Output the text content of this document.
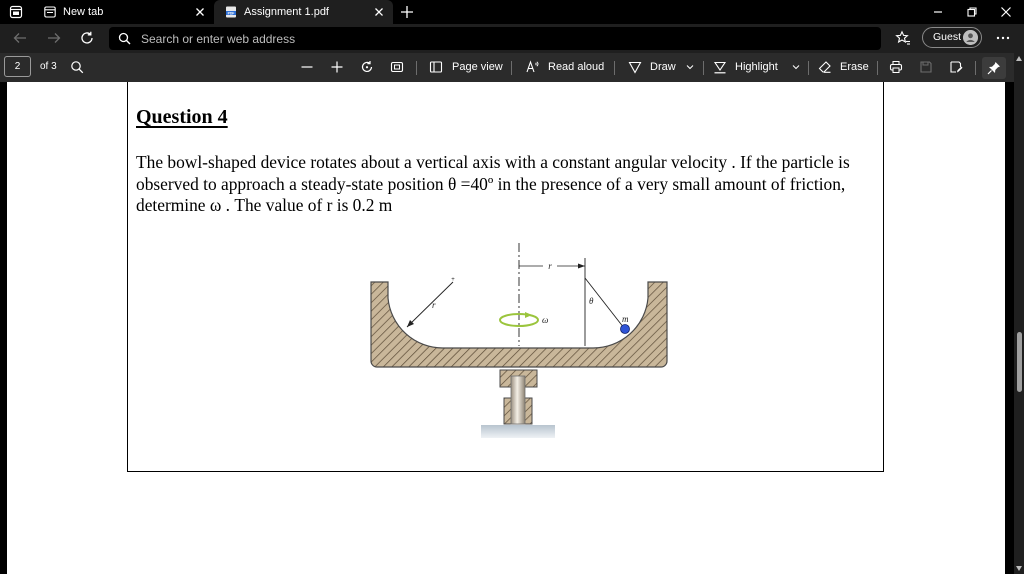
New tab	PDF Assignment 1.pdf
Search or enter web address
Guest
2
of 3	Page view	Read aloud	Draw	Highlight	Erase
Question 4
The bowl-shaped device rotates about a vertical axis with a constant angular velocity . If the particle is observed to approach a steady-state position θ =40º in the presence of a very small amount of friction, determine ω . The value of r is 0.2 m
r
+
r	θ
m
ω
